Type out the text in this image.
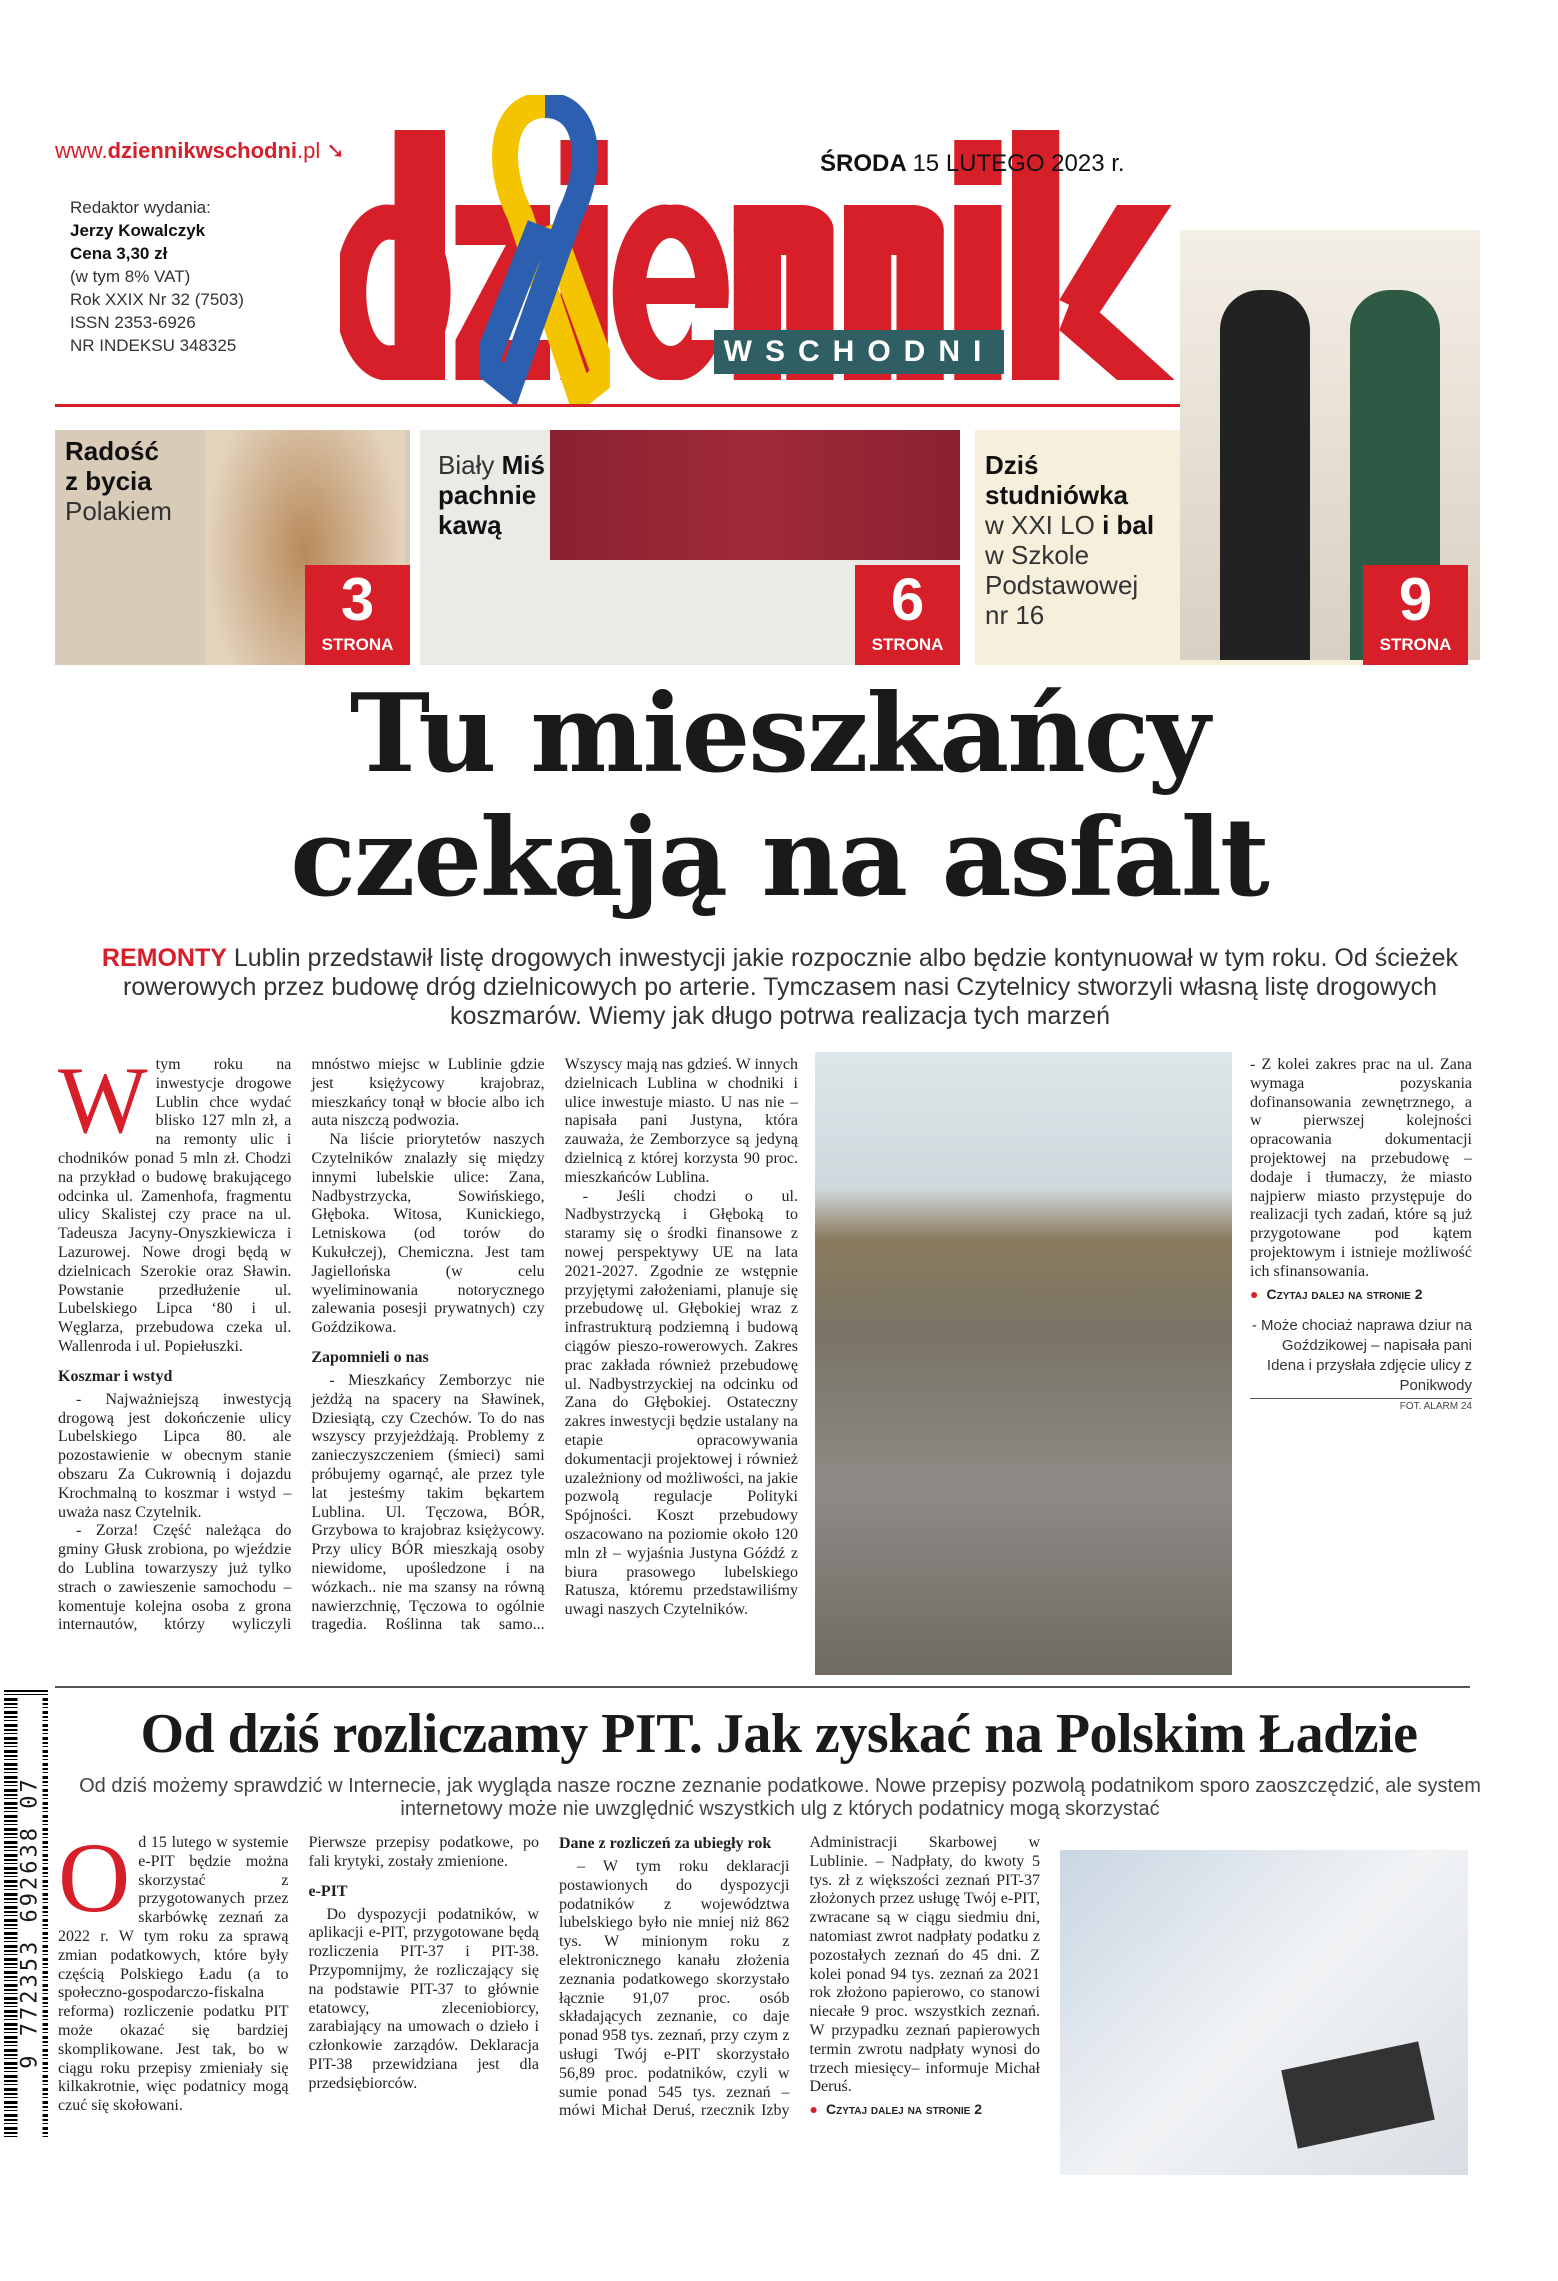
www.dziennikwschodni.pl ➘
Redaktor wydania:
Jerzy Kowalczyk
Cena 3,30 zł
(w tym 8% VAT)
Rok XXIX Nr 32 (7503)
ISSN 2353-6926
NR INDEKSU 348325	WSCHODNI
ŚRODA 15 LUTEGO 2023 r.
Radość
z bycia
Polakiem
3
STRONA
Biały Miś
pachnie
kawą
6
STRONA
Dziś
studniówka
w XXI LO i bal
w Szkole
Podstawowej
nr 16	9
STRONA
Tu mieszkańcy
czekają na asfalt
REMONTY Lublin przedstawił listę drogowych inwestycji jakie rozpocznie albo będzie kontynuował w tym roku. Od ścieżek rowerowych przez budowę dróg dzielnicowych po arterie. Tymczasem nasi Czytelnicy stworzyli własną listę drogowych koszmarów. Wiemy jak długo potrwa realizacja tych marzeń
W tym roku na inwestycje drogowe Lublin chce wydać blisko 127 mln zł, a na remonty ulic i chodników ponad 5 mln zł. Chodzi na przykład o budowę brakującego odcinka ul. Zamenhofa, fragmentu ulicy Skalistej czy prace na ul. Tadeusza Jacyny-Onyszkiewicza i Lazurowej. Nowe drogi będą w dzielnicach Szerokie oraz Sławin. Powstanie przedłużenie ul. Lubelskiego Lipca ‘80 i ul. Węglarza, przebudowa czeka ul. Wallenroda i ul. Popiełuszki.
Koszmar i wstyd

- Najważniejszą inwestycją drogową jest dokończenie ulicy Lubelskiego Lipca 80. ale pozostawienie w obecnym stanie obszaru Za Cukrownią i dojazdu Krochmalną to koszmar i wstyd – uważa nasz Czytelnik.

- Zorza! Część należąca do gminy Głusk zrobiona, po wjeździe do Lublina towarzyszy już tylko strach o zawieszenie samochodu – komentuje kolejna osoba z grona internautów, którzy wyliczyli mnóstwo miejsc w Lublinie gdzie jest księżycowy krajobraz, mieszkańcy tonął w błocie albo ich auta niszczą podwozia.

Na liście priorytetów naszych Czytelników znalazły się między innymi lubelskie ulice: Zana, Nadbystrzycka, Sowińskiego, Głęboka. Witosa, Kunickiego, Letniskowa (od torów do Kukułczej), Chemiczna. Jest tam Jagiellońska (w celu wyeliminowania notorycznego zalewania posesji prywatnych) czy Goździkowa.

Zapomnieli o nas

- Mieszkańcy Zemborzyc nie jeżdżą na spacery na Sławinek, Dziesiątą, czy Czechów. To do nas wszyscy przyjeżdżają. Problemy z zanieczyszczeniem (śmieci) sami próbujemy ogarnąć, ale przez tyle lat jesteśmy takim bękartem Lublina. Ul. Tęczowa, BÓR, Grzybowa to krajobraz księżycowy. Przy ulicy BÓR mieszkają osoby niewidome, upośledzone i na wózkach.. nie ma szansy na równą nawierzchnię, Tęczowa to ogólnie tragedia. Roślinna tak samo... Wszyscy mają nas gdzieś. W innych dzielnicach Lublina w chodniki i ulice inwestuje miasto. U nas nie – napisała pani Justyna, która zauważa, że Zemborzyce są jedyną dzielnicą z której korzysta 90 proc. mieszkańców Lublina.

- Jeśli chodzi o ul. Nadbystrzycką i Głęboką to staramy się o środki finansowe z nowej perspektywy UE na lata 2021-2027. Zgodnie ze wstępnie przyjętymi założeniami, planuje się przebudowę ul. Głębokiej wraz z infrastrukturą podziemną i budową ciągów pieszo-rowerowych. Zakres prac zakłada również przebudowę ul. Nadbystrzyckiej na odcinku od Zana do Głębokiej. Ostateczny zakres inwestycji będzie ustalany na etapie opracowywania dokumentacji projektowej i również uzależniony od możliwości, na jakie pozwolą regulacje Polityki Spójności. Koszt przebudowy oszacowano na poziomie około 120 mln zł – wyjaśnia Justyna Góźdź z biura prasowego lubelskiego Ratusza, któremu przedstawiliśmy uwagi naszych Czytelników.

- Z kolei zakres prac na ul. Zana wymaga pozyskania dofinansowania zewnętrznego, a w pierwszej kolejności opracowania dokumentacji projektowej na przebudowę – dodaje i tłumaczy, że miasto najpierw miasto przystępuje do realizacji tych zadań, które są już przygotowane pod kątem projektowym i istnieje możliwość ich sfinansowania.

● Czytaj dalej na stronie 2
- Może chociaż naprawa dziur na Goździkowej – napisała pani Idena i przysłała zdjęcie ulicy z Ponikwody
FOT. ALARM 24
9 772353 692638 07
Od dziś rozliczamy PIT. Jak zyskać na Polskim Ładzie
Od dziś możemy sprawdzić w Internecie, jak wygląda nasze roczne zeznanie podatkowe. Nowe przepisy pozwolą podatnikom sporo zaoszczędzić, ale system internetowy może nie uwzględnić wszystkich ulg z których podatnicy mogą skorzystać
O d 15 lutego w systemie e-PIT będzie można skorzystać z przygotowanych przez skarbówkę zeznań za 2022 r. W tym roku za sprawą zmian podatkowych, które były częścią Polskiego Ładu (a to społeczno-gospodarczo-fiskalna reforma) rozliczenie podatku PIT może okazać się bardziej skomplikowane. Jest tak, bo w ciągu roku przepisy zmieniały się kilkakrotnie, więc podatnicy mogą czuć się skołowani.

Pierwsze przepisy podatkowe, po fali krytyki, zostały zmienione.

e-PIT

Do dyspozycji podatników, w aplikacji e-PIT, przygotowane będą rozliczenia PIT-37 i PIT-38. Przypomnijmy, że rozliczający się na podstawie PIT-37 to głównie etatowcy, zleceniobiorcy, zarabiający na umowach o dzieło i członkowie zarządów. Deklaracja PIT-38 przewidziana jest dla przedsiębiorców.

Dane z rozliczeń za ubiegły rok

– W tym roku deklaracji postawionych do dyspozycji podatników z województwa lubelskiego było nie mniej niż 862 tys. W minionym roku z elektronicznego kanału złożenia zeznania podatkowego skorzystało łącznie 91,07 proc. osób składających zeznanie, co daje ponad 958 tys. zeznań, przy czym z usługi Twój e-PIT skorzystało 56,89 proc. podatników, czyli w sumie ponad 545 tys. zeznań – mówi Michał Deruś, rzecznik Izby Administracji Skarbowej w Lublinie. – Nadpłaty, do kwoty 5 tys. zł z większości zeznań PIT-37 złożonych przez usługę Twój e-PIT, zwracane są w ciągu siedmiu dni, natomiast zwrot nadpłaty podatku z pozostałych zeznań do 45 dni. Z kolei ponad 94 tys. zeznań za 2021 rok złożono papierowo, co stanowi niecałe 9 proc. wszystkich zeznań. W przypadku zeznań papierowych termin zwrotu nadpłaty wynosi do trzech miesięcy– informuje Michał Deruś.

● Czytaj dalej na stronie 2
